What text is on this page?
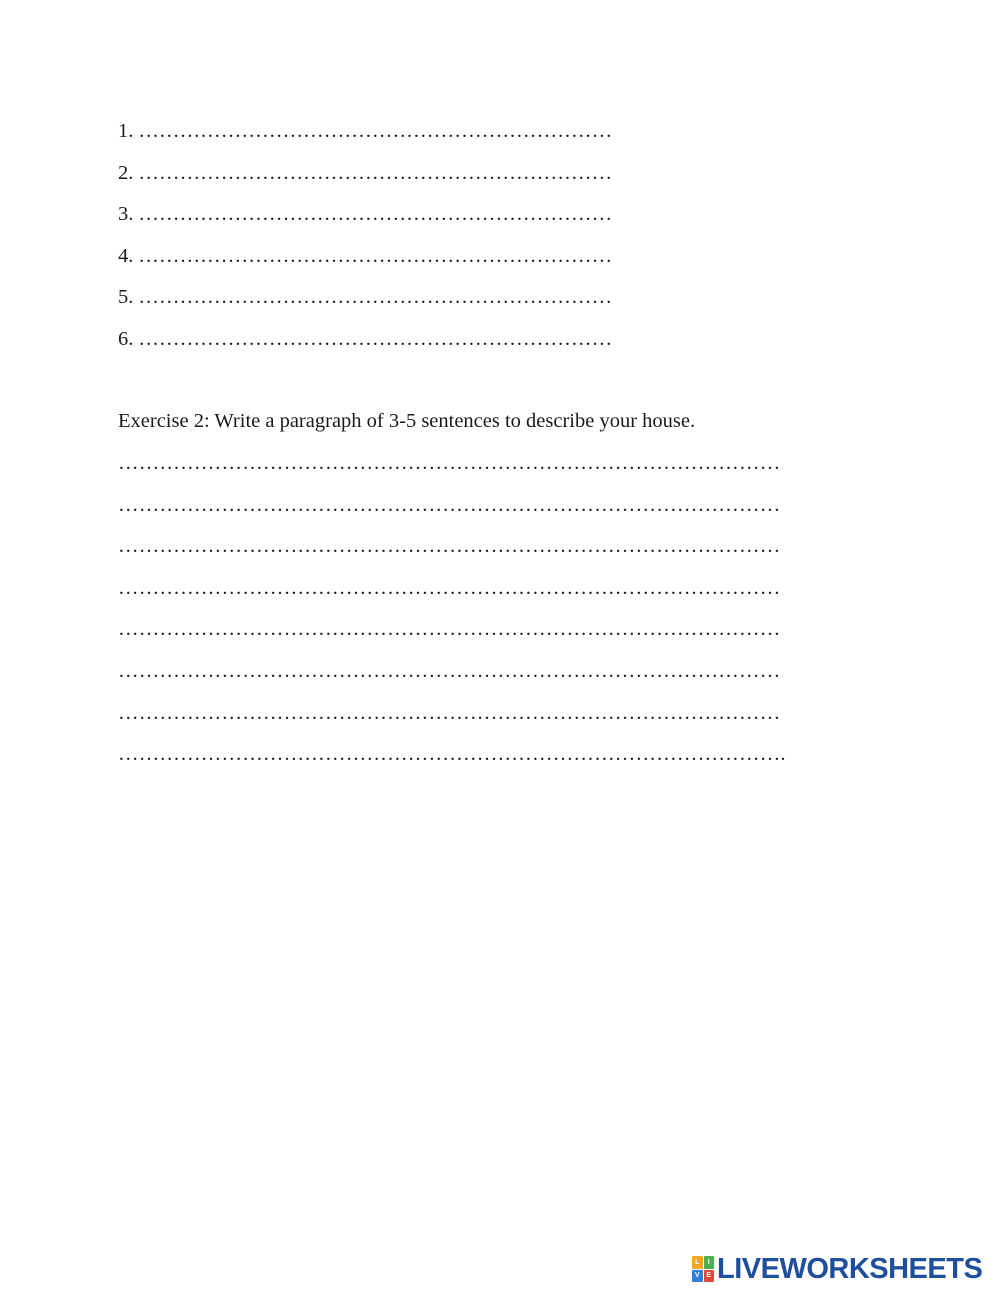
1. ……………………………………………………………
2. ……………………………………………………………
3. ……………………………………………………………
4. ……………………………………………………………
5. ……………………………………………………………
6. ……………………………………………………………
Exercise 2: Write a paragraph of 3-5 sentences to describe your house.
……………………………………………………………………………………
……………………………………………………………………………………
……………………………………………………………………………………
……………………………………………………………………………………
……………………………………………………………………………………
……………………………………………………………………………………
……………………………………………………………………………………
…………………………………………………………………………………….
L	I
V E LIVEWORKSHEETS
